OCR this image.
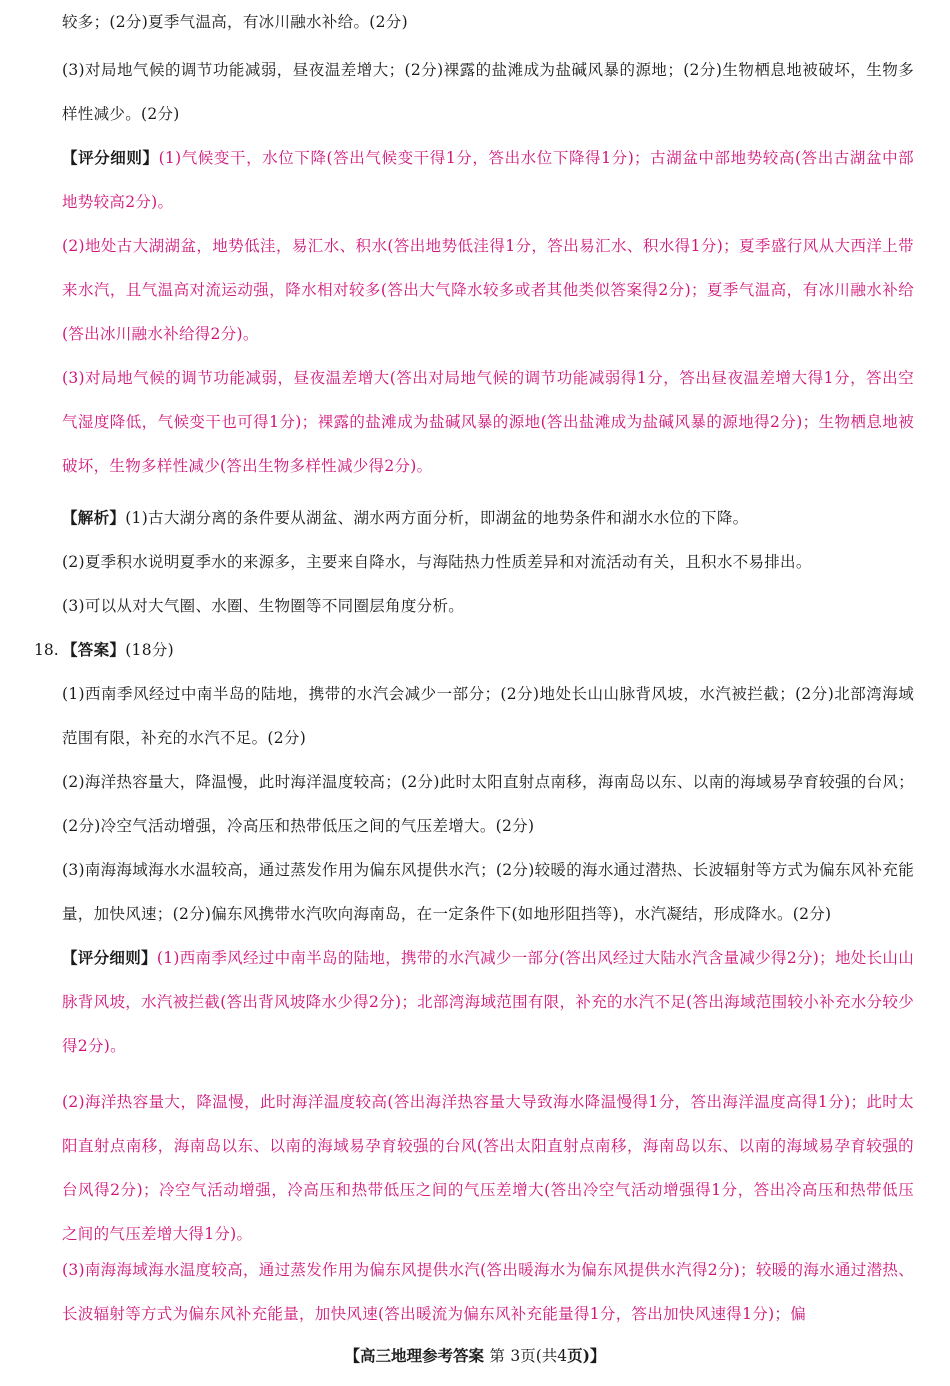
较多；(2分)夏季气温高，有冰川融水补给。(2分)

(3)对局地气候的调节功能减弱，昼夜温差增大；(2分)裸露的盐滩成为盐碱风暴的源地；(2分)生物栖息地被破坏，生物多样性减少。(2分)

【评分细则】(1)气候变干，水位下降(答出气候变干得1分，答出水位下降得1分)；古湖盆中部地势较高(答出古湖盆中部地势较高2分)。

(2)地处古大湖湖盆，地势低洼，易汇水、积水(答出地势低洼得1分，答出易汇水、积水得1分)；夏季盛行风从大西洋上带来水汽，且气温高对流运动强，降水相对较多(答出大气降水较多或者其他类似答案得2分)；夏季气温高，有冰川融水补给(答出冰川融水补给得2分)。

(3)对局地气候的调节功能减弱，昼夜温差增大(答出对局地气候的调节功能减弱得1分，答出昼夜温差增大得1分，答出空气湿度降低，气候变干也可得1分)；裸露的盐滩成为盐碱风暴的源地(答出盐滩成为盐碱风暴的源地得2分)；生物栖息地被破坏，生物多样性减少(答出生物多样性减少得2分)。

【解析】(1)古大湖分离的条件要从湖盆、湖水两方面分析，即湖盆的地势条件和湖水水位的下降。

(2)夏季积水说明夏季水的来源多，主要来自降水，与海陆热力性质差异和对流活动有关，且积水不易排出。

(3)可以从对大气圈、水圈、生物圈等不同圈层角度分析。

18. 【答案】(18分)

(1)西南季风经过中南半岛的陆地，携带的水汽会减少一部分；(2分)地处长山山脉背风坡，水汽被拦截；(2分)北部湾海域范围有限，补充的水汽不足。(2分)

(2)海洋热容量大，降温慢，此时海洋温度较高；(2分)此时太阳直射点南移，海南岛以东、以南的海域易孕育较强的台风；(2分)冷空气活动增强，冷高压和热带低压之间的气压差增大。(2分)

(3)南海海域海水水温较高，通过蒸发作用为偏东风提供水汽；(2分)较暖的海水通过潜热、长波辐射等方式为偏东风补充能量，加快风速；(2分)偏东风携带水汽吹向海南岛，在一定条件下(如地形阻挡等)，水汽凝结，形成降水。(2分)

【评分细则】(1)西南季风经过中南半岛的陆地，携带的水汽减少一部分(答出风经过大陆水汽含量减少得2分)；地处长山山脉背风坡，水汽被拦截(答出背风坡降水少得2分)；北部湾海域范围有限，补充的水汽不足(答出海域范围较小补充水分较少得2分)。

(2)海洋热容量大，降温慢，此时海洋温度较高(答出海洋热容量大导致海水降温慢得1分，答出海洋温度高得1分)；此时太阳直射点南移，海南岛以东、以南的海域易孕育较强的台风(答出太阳直射点南移，海南岛以东、以南的海域易孕育较强的台风得2分)；冷空气活动增强，冷高压和热带低压之间的气压差增大(答出冷空气活动增强得1分，答出冷高压和热带低压之间的气压差增大得1分)。

(3)南海海域海水温度较高，通过蒸发作用为偏东风提供水汽(答出暖海水为偏东风提供水汽得2分)；较暖的海水通过潜热、长波辐射等方式为偏东风补充能量，加快风速(答出暖流为偏东风补充能量得1分，答出加快风速得1分)；偏

【高三地理参考答案 第 3页(共4页)】
